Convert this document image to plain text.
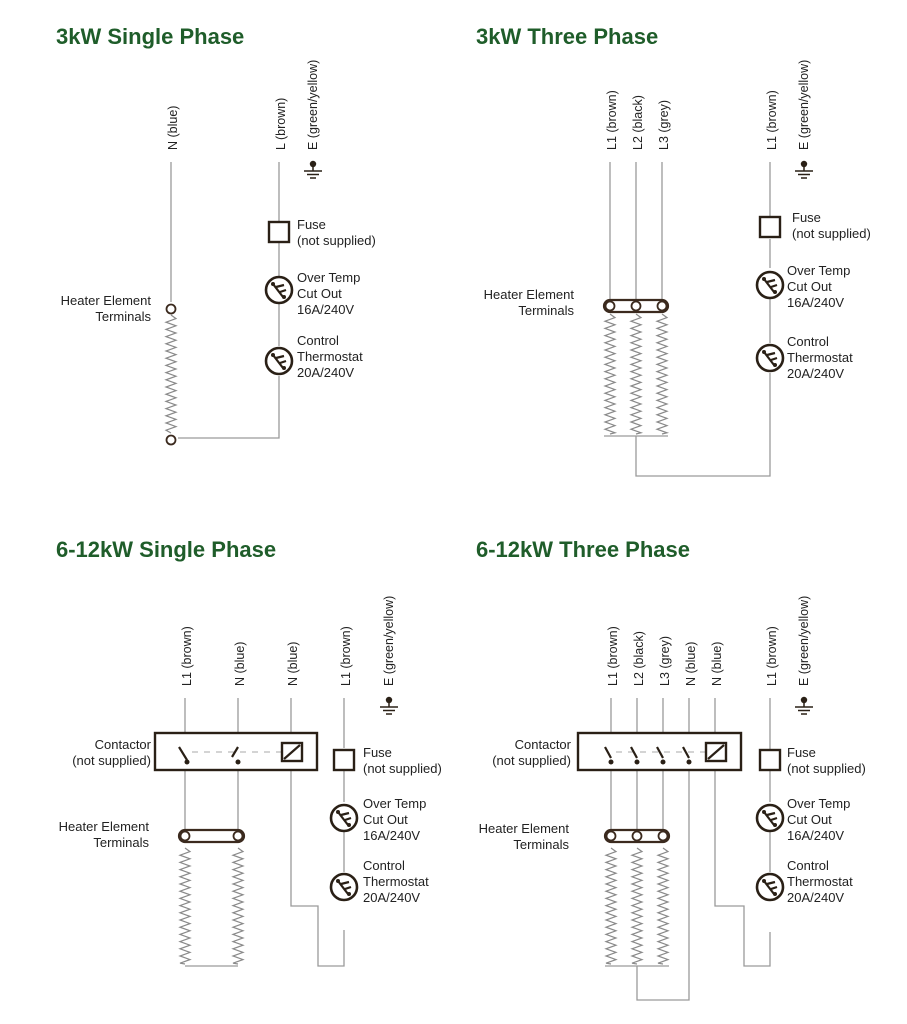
3kW Single Phase
N (blue)	L (brown) E (green/yellow)
Heater Element Terminals
Fuse (not supplied)
Over Temp Cut Out 16A/240V
Control Thermostat 20A/240V
3kW Three Phase
L1 (brown) L2 (black) L3 (grey)	L1 (brown) E (green/yellow)
Heater Element Terminals
Fuse (not supplied)
Over Temp Cut Out 16A/240V
Control Thermostat 20A/240V
6-12kW Single Phase
L1 (brown)	N (blue)	N (blue)	L1 (brown) E (green/yellow)
Contactor (not supplied)
Heater Element Terminals
Fuse (not supplied)
Over Temp Cut Out 16A/240V
Control Thermostat 20A/240V
6-12kW Three Phase
L1 (brown) L2 (black) L3 (grey) N (blue) N (blue)	L1 (brown) E (green/yellow)
Contactor (not supplied)
Heater Element Terminals
Fuse (not supplied)
Over Temp Cut Out 16A/240V
Control Thermostat 20A/240V
